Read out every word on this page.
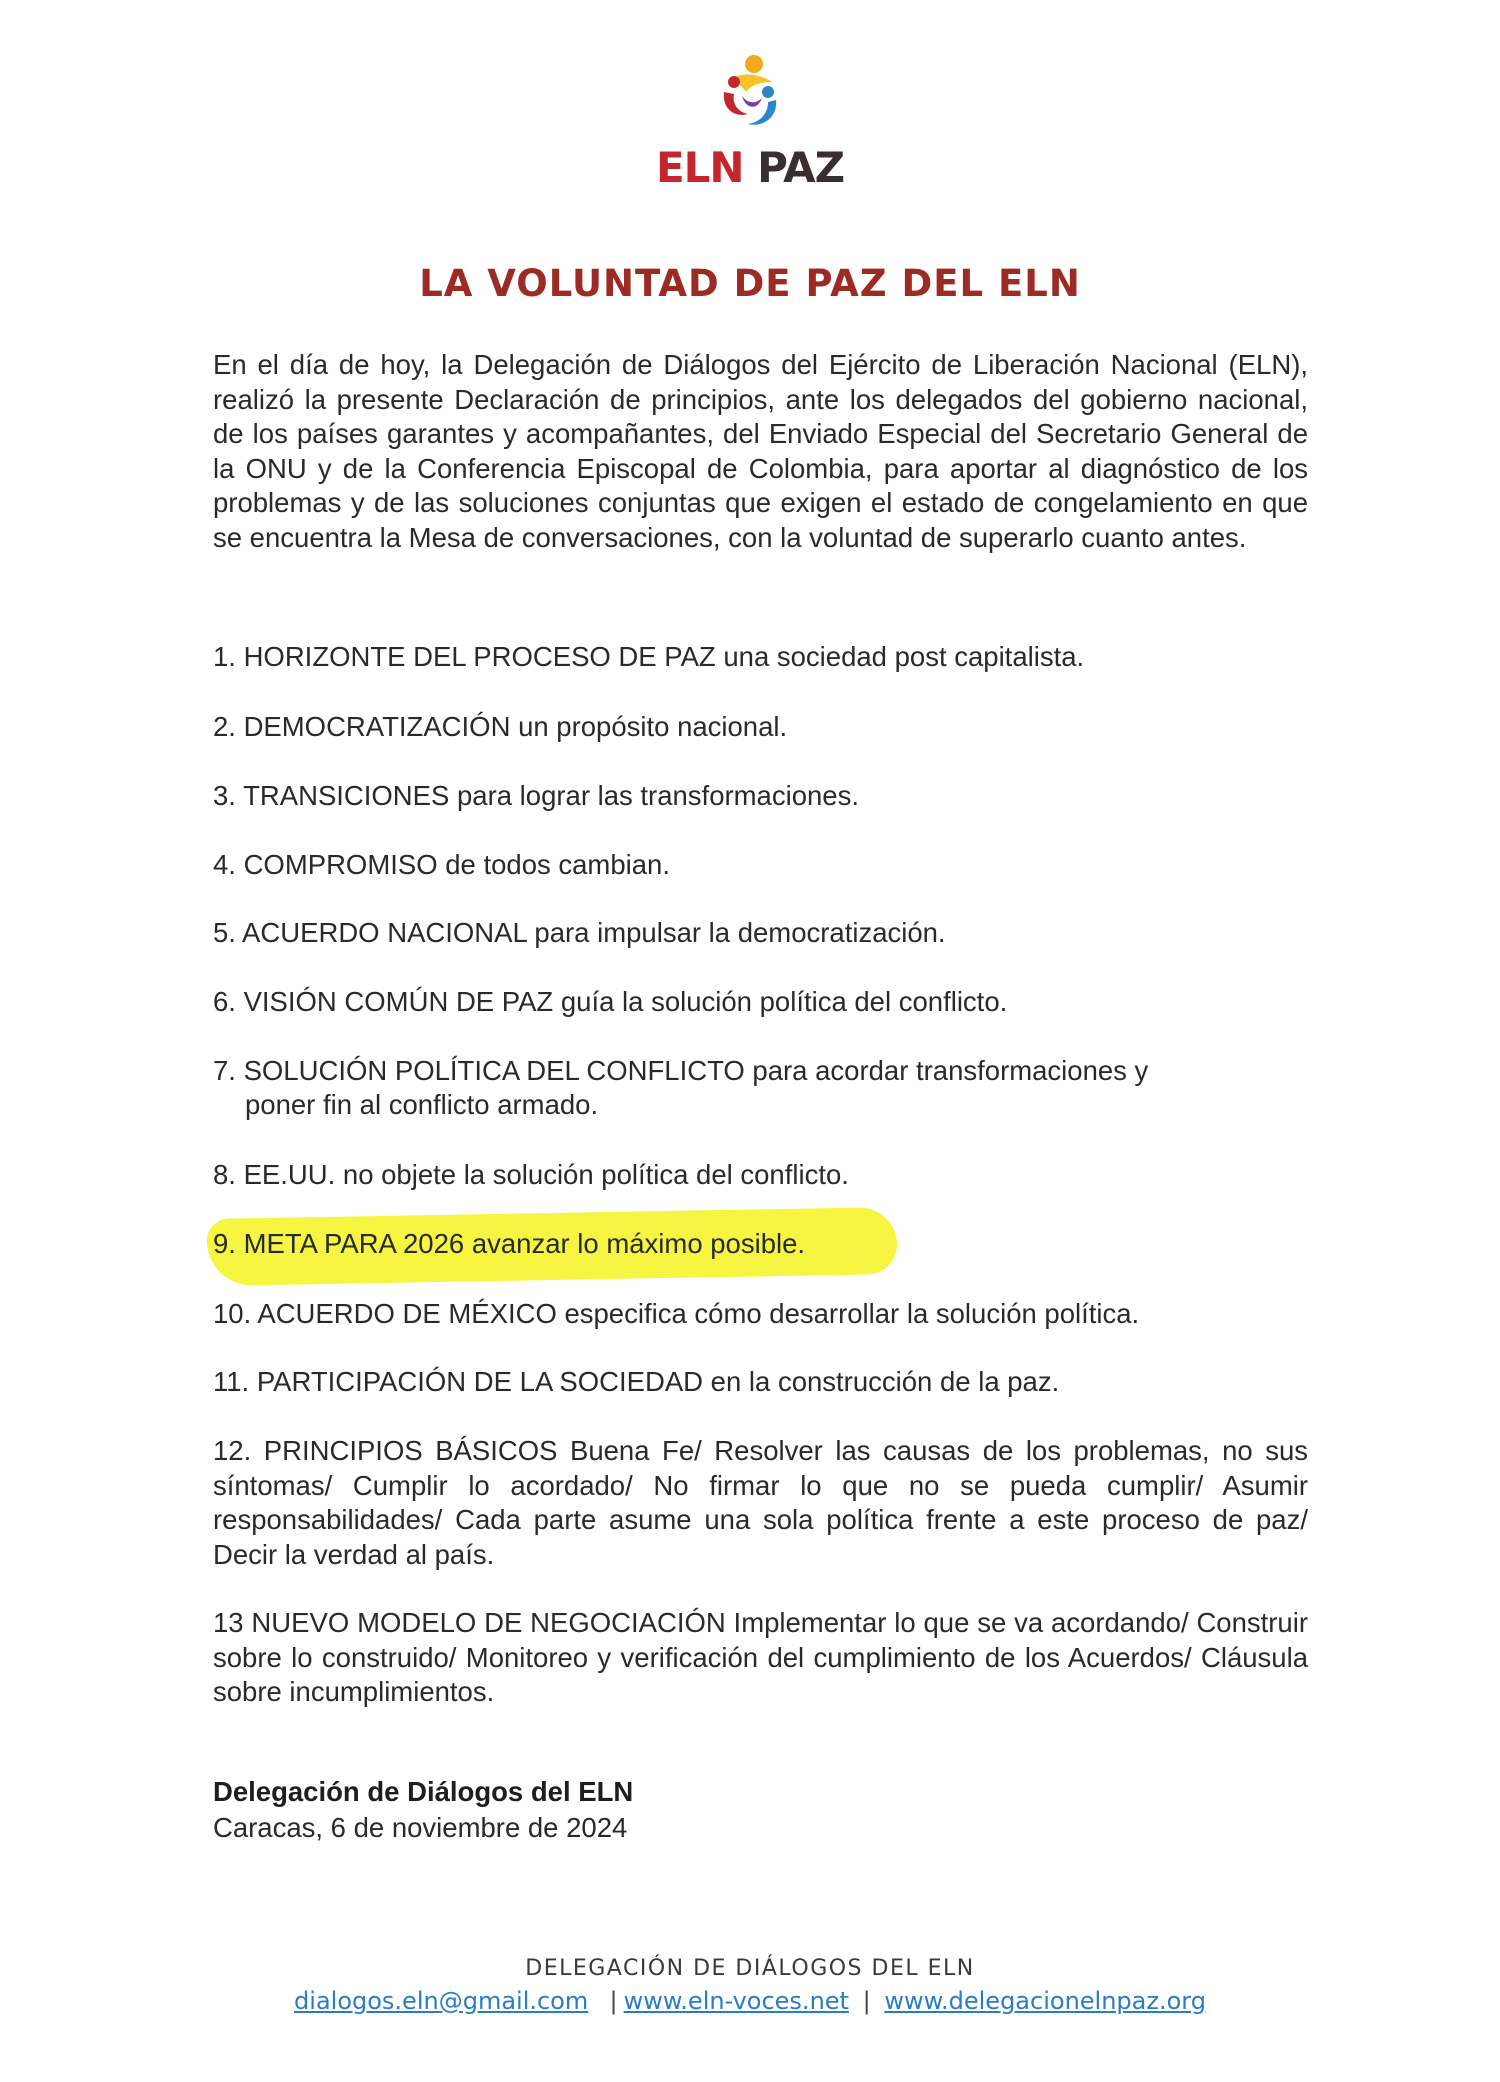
ELN PAZ
LA VOLUNTAD DE PAZ DEL ELN
En el día de hoy, la Delegación de Diálogos del Ejército de Liberación Nacional (ELN), realizó la presente Declaración de principios, ante los delegados del gobierno nacional, de los países garantes y acompañantes, del Enviado Especial del Secretario General de la ONU y de la Conferencia Episcopal de Colombia, para aportar al diagnóstico de los problemas y de las soluciones conjuntas que exigen el estado de congelamiento en que se encuentra la Mesa de conversaciones, con la voluntad de superarlo cuanto antes.
1. HORIZONTE DEL PROCESO DE PAZ una sociedad post capitalista.
2. DEMOCRATIZACIÓN un propósito nacional.
3. TRANSICIONES para lograr las transformaciones.
4. COMPROMISO de todos cambian.
5. ACUERDO NACIONAL para impulsar la democratización.
6. VISIÓN COMÚN DE PAZ guía la solución política del conflicto.
7. SOLUCIÓN POLÍTICA DEL CONFLICTO para acordar transformaciones y
poner fin al conflicto armado.
8. EE.UU. no objete la solución política del conflicto.
9. META PARA 2026 avanzar lo máximo posible.
10. ACUERDO DE MÉXICO especifica cómo desarrollar la solución política.
11. PARTICIPACIÓN DE LA SOCIEDAD en la construcción de la paz.
12. PRINCIPIOS BÁSICOS Buena Fe/ Resolver las causas de los problemas, no sus síntomas/ Cumplir lo acordado/ No firmar lo que no se pueda cumplir/ Asumir responsabilidades/ Cada parte asume una sola política frente a este proceso de paz/ Decir la verdad al país.
13 NUEVO MODELO DE NEGOCIACIÓN Implementar lo que se va acordando/ Construir sobre lo construido/ Monitoreo y verificación del cumplimiento de los Acuerdos/ Cláusula sobre incumplimientos.
Delegación de Diálogos del ELN
Caracas, 6 de noviembre de 2024
DELEGACIÓN DE DIÁLOGOS DEL ELN
dialogos.eln@gmail.com  | www.eln-voces.net | www.delegacionelnpaz.org
